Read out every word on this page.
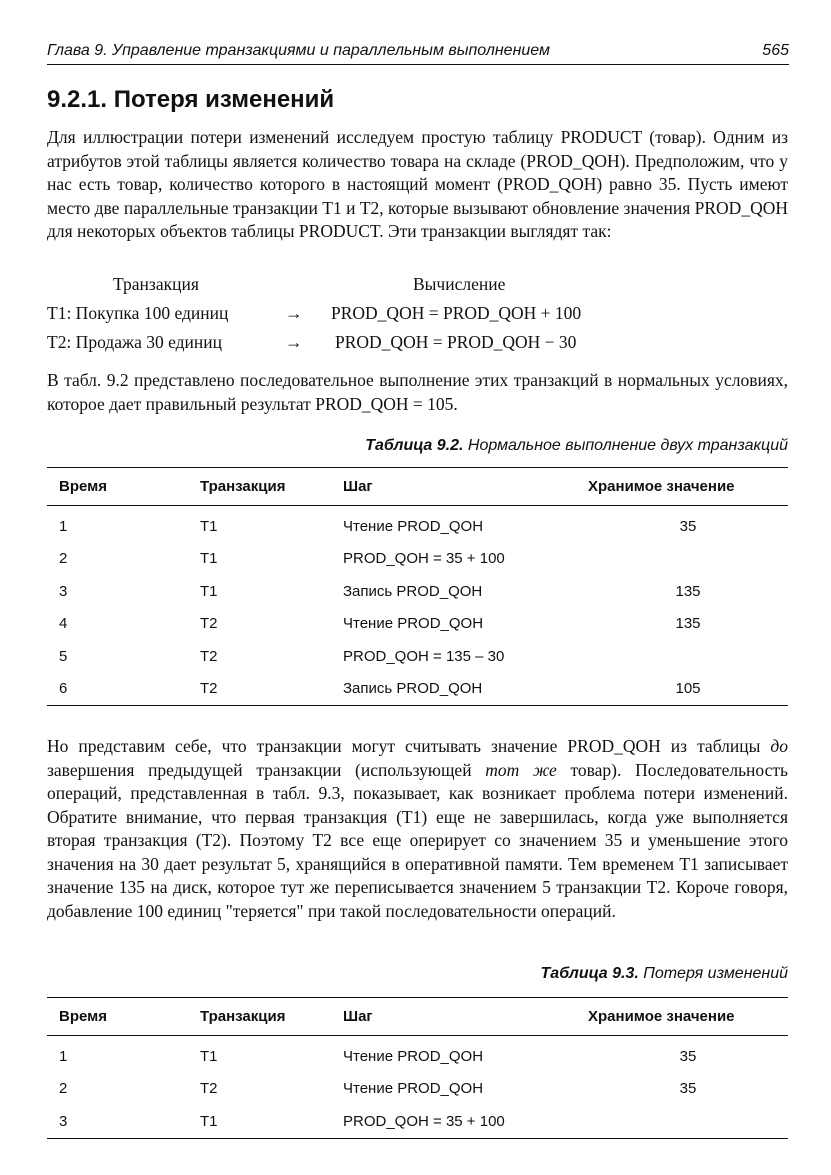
Глава 9. Управление транзакциями и параллельным выполнением	565
9.2.1. Потеря изменений

Для иллюстрации потери изменений исследуем простую таблицу PRODUCT (товар). Одним из атрибутов этой таблицы является количество товара на складе (PROD_QOH). Предположим, что у нас есть товар, количество которого в настоящий момент (PROD_QOH) равно 35. Пусть имеют место две параллельные транзакции T1 и T2, которые вызывают обновление значения PROD_QOH для некоторых объектов таблицы PRODUCT. Эти транзакции выглядят так:

Транзакция	Вычисление
T1: Покупка 100 единиц	→ PROD_QOH = PROD_QOH + 100
T2: Продажа 30 единиц	→ PROD_QOH = PROD_QOH − 30

В табл. 9.2 представлено последовательное выполнение этих транзакций в нормальных условиях, которое дает правильный результат PROD_QOH = 105.

Таблица 9.2. Нормальное выполнение двух транзакций

Время	Транзакция	Шаг	Хранимое значение
1	T1	Чтение PROD_QOH	35
2	T1	PROD_QOH = 35 + 100	
3	T1	Запись PROD_QOH	135
4	T2	Чтение PROD_QOH	135
5	T2	PROD_QOH = 135 – 30	
6	T2	Запись PROD_QOH	105

Но представим себе, что транзакции могут считывать значение PROD_QOH из таблицы до завершения предыдущей транзакции (использующей тот же товар). Последовательность операций, представленная в табл. 9.3, показывает, как возникает проблема потери изменений. Обратите внимание, что первая транзакция (T1) еще не завершилась, когда уже выполняется вторая транзакция (T2). Поэтому T2 все еще оперирует со значением 35 и уменьшение этого значения на 30 дает результат 5, хранящийся в оперативной памяти. Тем временем T1 записывает значение 135 на диск, которое тут же переписывается значением 5 транзакции T2. Короче говоря, добавление 100 единиц "теряется" при такой последовательности операций.

Таблица 9.3. Потеря изменений

Время	Транзакция	Шаг	Хранимое значение
1	T1	Чтение PROD_QOH	35
2	T2	Чтение PROD_QOH	35
3	T1	PROD_QOH = 35 + 100	
